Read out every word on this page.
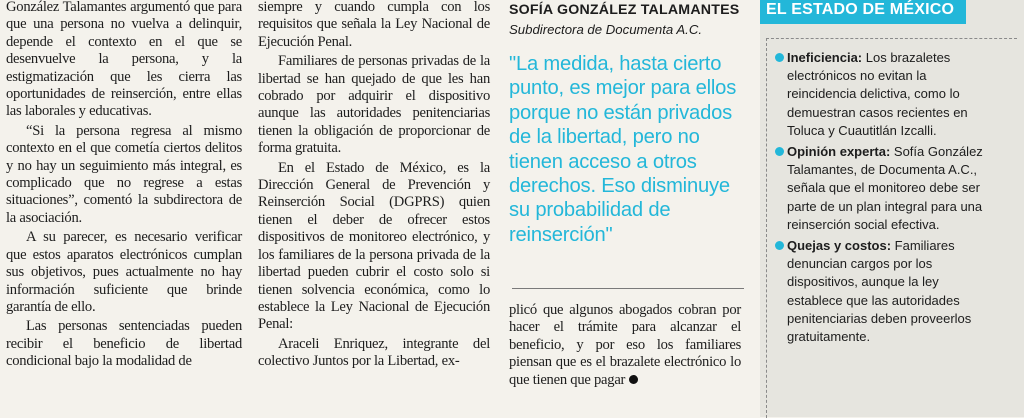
González Talamantes argumentó que para que una persona no vuelva a delinquir, depende el contexto en el que se desenvuelve la persona, y la estigmatización que les cierra las oportunidades de reinserción, entre ellas las laborales y educativas.

“Si la persona regresa al mismo contexto en el que cometía ciertos delitos y no hay un seguimiento más integral, es complicado que no regrese a estas situaciones”, comentó la subdirectora de la asociación.

A su parecer, es necesario verificar que estos aparatos electrónicos cumplan sus objetivos, pues actualmente no hay información suficiente que brinde garantía de ello.

Las personas sentenciadas pueden recibir el beneficio de libertad condicional bajo la modalidad de

siempre y cuando cumpla con los requisitos que señala la Ley Nacional de Ejecución Penal.

Familiares de personas privadas de la libertad se han quejado de que les han cobrado por adquirir el dispositivo aunque las autoridades penitenciarias tienen la obligación de proporcionar de forma gratuita.

En el Estado de México, es la Dirección General de Prevención y Reinserción Social (DGPRS) quien tienen el deber de ofrecer estos dispositivos de monitoreo electrónico, y los familiares de la persona privada de la libertad pueden cubrir el costo solo si tienen solvencia económica, como lo establece la Ley Nacional de Ejecución Penal:

Araceli Enriquez, integrante del colectivo Juntos por la Libertad, ex-

SOFÍA GONZÁLEZ TALAMANTES
Subdirectora de Documenta A.C.
"La medida, hasta cierto punto, es mejor para ellos porque no están privados de la libertad, pero no tienen acceso a otros derechos. Eso disminuye su probabilidad de reinserción"

plicó que algunos abogados cobran por hacer el trámite para alcanzar el beneficio, y por eso los familiares piensan que es el brazalete electrónico lo que tienen que pagar

EL ESTADO DE MÉXICO
Ineficiencia: Los brazaletes electrónicos no evitan la reincidencia delictiva, como lo demuestran casos recientes en Toluca y Cuautitlán Izcalli.
Opinión experta: Sofía González Talamantes, de Documenta A.C., señala que el monitoreo debe ser parte de un plan integral para una reinserción social efectiva.
Quejas y costos: Familiares denuncian cargos por los dispositivos, aunque la ley establece que las autoridades penitenciarias deben proveerlos gratuitamente.
